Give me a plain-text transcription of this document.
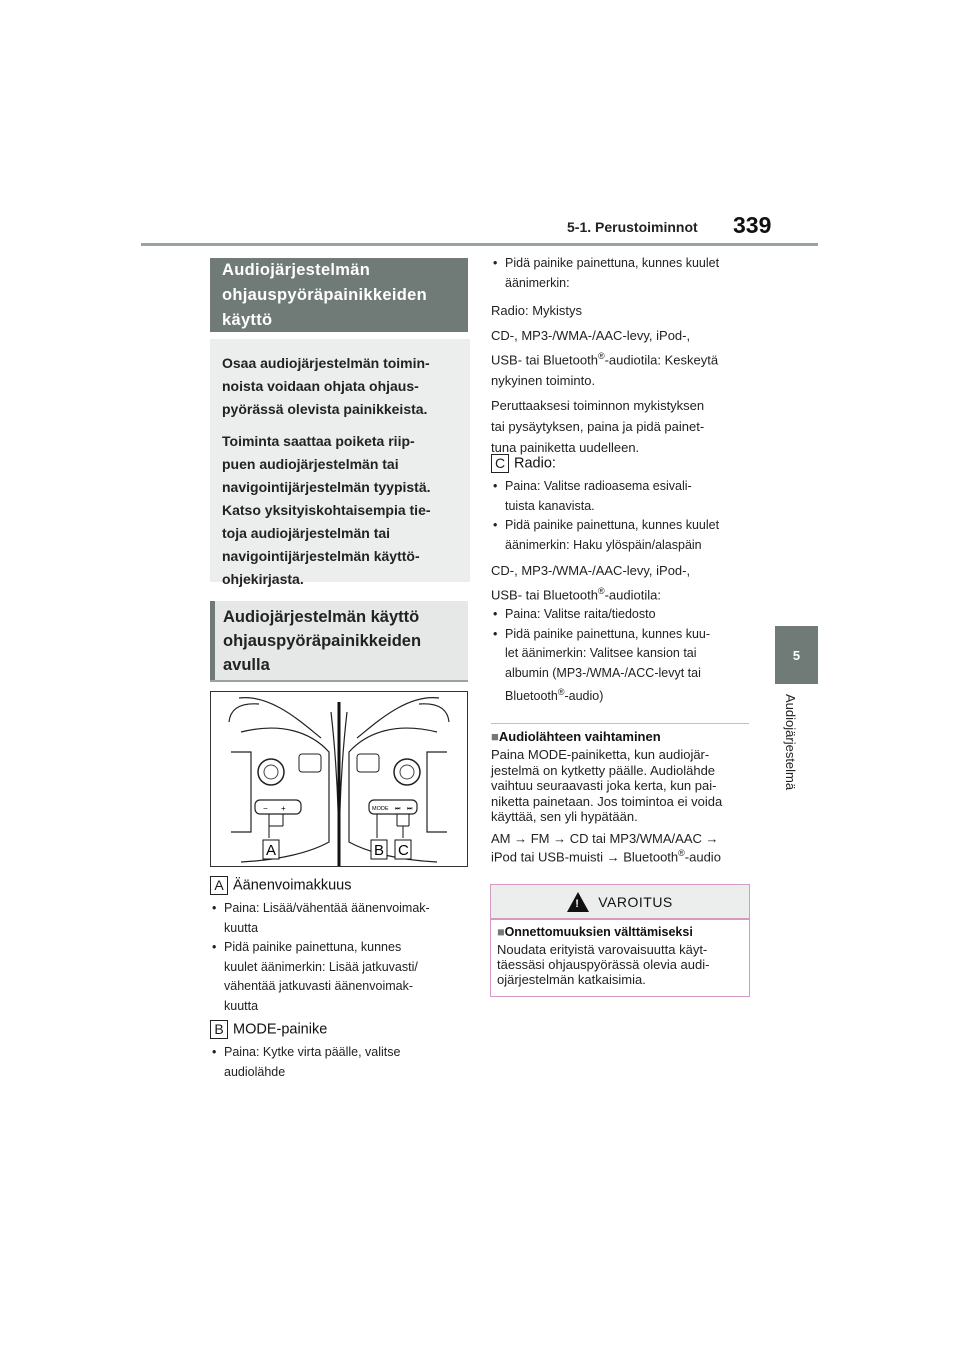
5-1. Perustoiminnot 339
5
Audiojärjestelmä
Audiojärjestelmän
ohjauspyöräpainikkeiden
käyttö

Osaa audiojärjestelmän toimin-
noista voidaan ohjata ohjaus-
pyörässä olevista painikkeista.

Toiminta saattaa poiketa riip-
puen audiojärjestelmän tai
navigointijärjestelmän tyypistä.
Katso yksityiskohtaisempia tie-
toja audiojärjestelmän tai
navigointijärjestelmän käyttö-
ohjekirjasta.

Audiojärjestelmän käyttö
ohjauspyöräpainikkeiden
avulla
− +	MODE ⏭ ⏭
A	B C
A Äänenvoimakkuus
• Paina: Lisää/vähentää äänenvoimak-
kuutta
• Pidä painike painettuna, kunnes
kuulet äänimerkin: Lisää jatkuvasti/
vähentää jatkuvasti äänenvoimak-
kuutta
B MODE-painike
• Paina: Kytke virta päälle, valitse
audiolähde
• Pidä painike painettuna, kunnes kuulet
äänimerkin:

Radio: Mykistys

CD-, MP3-/WMA-/AAC-levy, iPod-,
USB- tai Bluetooth®-audiotila: Keskeytä
nykyinen toiminto.

Peruttaaksesi toiminnon mykistyksen
tai pysäytyksen, paina ja pidä painet-
tuna painiketta uudelleen.

C Radio:
• Paina: Valitse radioasema esivali-
tuista kanavista.
• Pidä painike painettuna, kunnes kuulet
äänimerkin: Haku ylöspäin/alaspäin

CD-, MP3-/WMA-/AAC-levy, iPod-,
USB- tai Bluetooth®-audiotila:

• Paina: Valitse raita/tiedosto
• Pidä painike painettuna, kunnes kuu-
let äänimerkin: Valitsee kansion tai
albumin (MP3-/WMA-/ACC-levyt tai
Bluetooth®-audio)
■Audiolähteen vaihtaminen

Paina MODE-painiketta, kun audiojär-
jestelmä on kytketty päälle. Audiolähde
vaihtuu seuraavasti joka kerta, kun pai-
niketta painetaan. Jos toimintoa ei voida
käyttää, sen yli hypätään.

AM → FM → CD tai MP3/WMA/AAC →
iPod tai USB-muisti → Bluetooth®-audio

! VAROITUS
■Onnettomuuksien välttämiseksi

Noudata erityistä varovaisuutta käyt-
täessäsi ohjauspyörässä olevia audi-
ojärjestelmän katkaisimia.
